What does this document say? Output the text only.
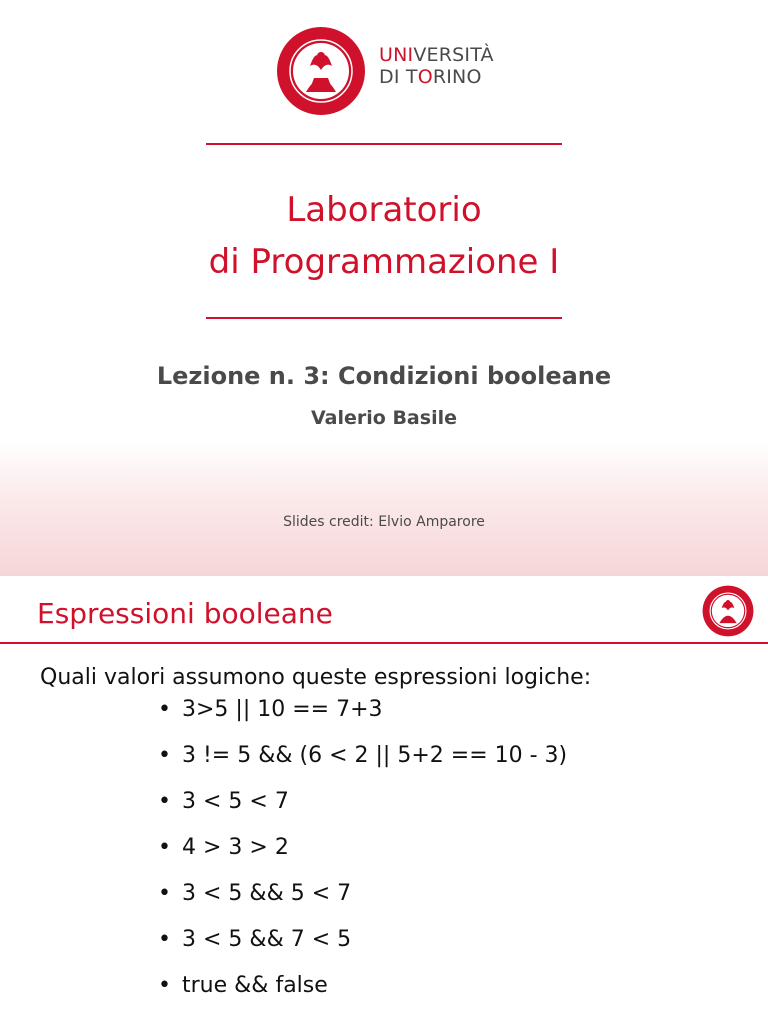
UNIVERSITÀ
DI TORINO
Laboratorio
di Programmazione I
Lezione n. 3: Condizioni booleane
Valerio Basile
Slides credit: Elvio Amparore
Espressioni booleane
Quali valori assumono queste espressioni logiche:
• 3>5 || 10 == 7+3
• 3 != 5 && (6 < 2 || 5+2 == 10 - 3)
• 3 < 5 < 7
• 4 > 3 > 2
• 3 < 5 && 5 < 7
• 3 < 5 && 7 < 5
• true && false
